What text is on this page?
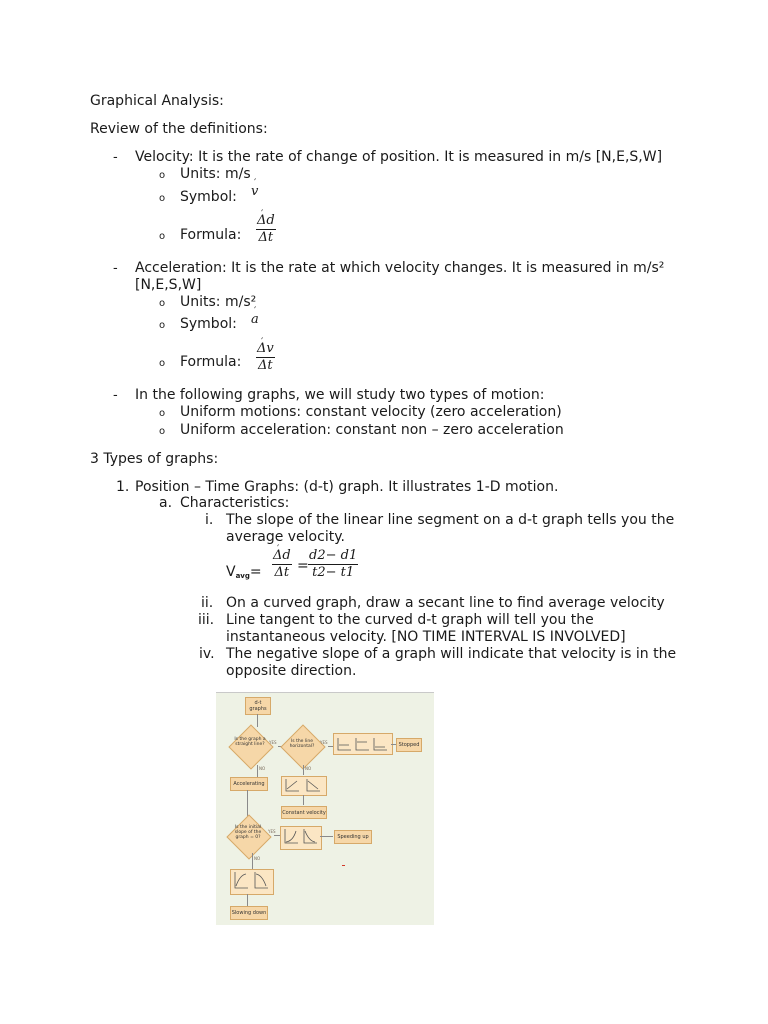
Graphical Analysis:
Review of the definitions:
- Velocity: It is the rate of change of position. It is measured in m/s [N,E,S,W]
o Units: m/s
o Symbol: ′ v
o Formula: ′ $\frac{\Delta d}{\Delta t}$
- Acceleration: It is the rate at which velocity changes. It is measured in m/s²
[N,E,S,W]
o Units: m/s²
o Symbol: ′ a
o Formula: ′ $\frac{\Delta v}{\Delta t}$
- In the following graphs, we will study two types of motion:
o Uniform motions: constant velocity (zero acceleration)
o Uniform acceleration: constant non – zero acceleration
3 Types of graphs:
1. Position – Time Graphs: (d-t) graph. It illustrates 1-D motion.
a. Characteristics:
i. The slope of the linear line segment on a d-t graph tells you the
average velocity.
$V_{avg}=$ ′ $\frac{\Delta d}{\Delta t} = \frac{d2- d1}{t2- t1}$
ii. On a curved graph, draw a secant line to find average velocity
iii. Line tangent to the curved d-t graph will tell you the
instantaneous velocity. [NO TIME INTERVAL IS INVOLVED]
iv. The negative slope of a graph will indicate that velocity is in the
opposite direction.
d-t graphs
Is the graph a straight line?	YES	Is the line horizontal?
YES	Stopped
NO	NO
Accelerating
Constant velocity
Is the initial slope of the graph = 0?
YES
Speeding up
NO
Slowing down
